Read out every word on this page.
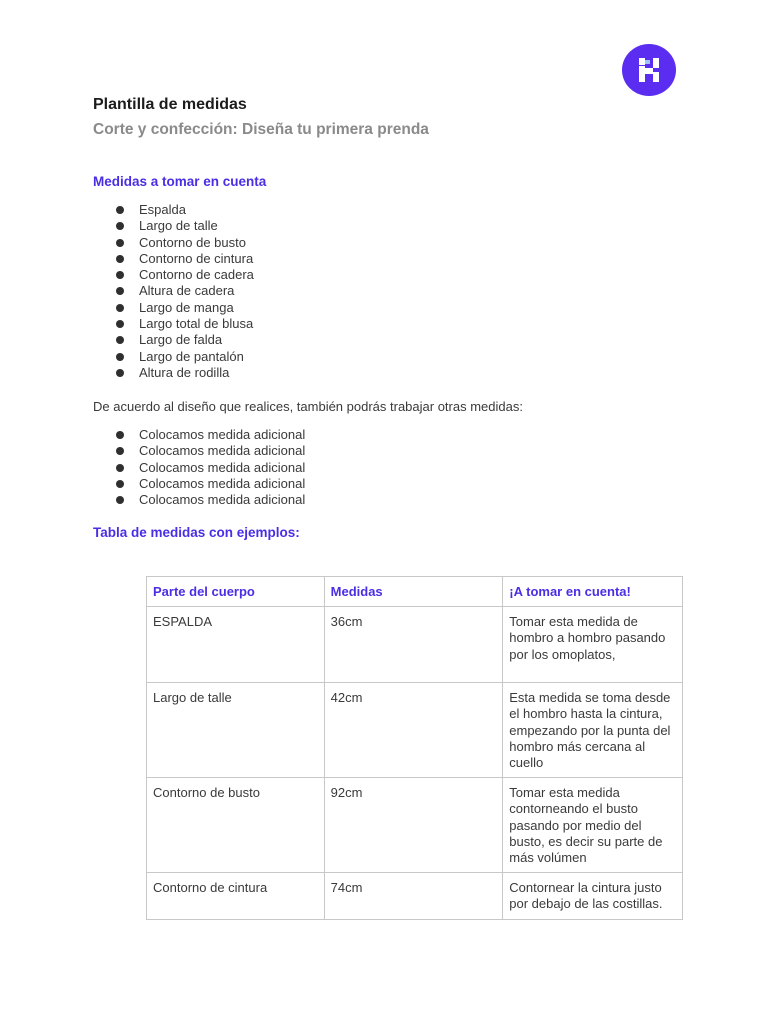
Plantilla de medidas
Corte y confección: Diseña tu primera prenda
Medidas a tomar en cuenta
Espalda
Largo de talle
Contorno de busto
Contorno de cintura
Contorno de cadera
Altura de cadera
Largo de manga
Largo total de blusa
Largo de falda
Largo de pantalón
Altura de rodilla

De acuerdo al diseño que realices, también podrás trabajar otras medidas:

Colocamos medida adicional
Colocamos medida adicional
Colocamos medida adicional
Colocamos medida adicional
Colocamos medida adicional
Tabla de medidas con ejemplos:
Parte del cuerpo	Medidas	¡A tomar en cuenta!
ESPALDA	36cm	Tomar esta medida de hombro a hombro pasando por los omoplatos,
Largo de talle	42cm	Esta medida se toma desde el hombro hasta la cintura, empezando por la punta del hombro más cercana al cuello
Contorno de busto	92cm	Tomar esta medida contorneando el busto pasando por medio del busto, es decir su parte de más volúmen
Contorno de cintura	74cm	Contornear la cintura justo por debajo de las costillas.
